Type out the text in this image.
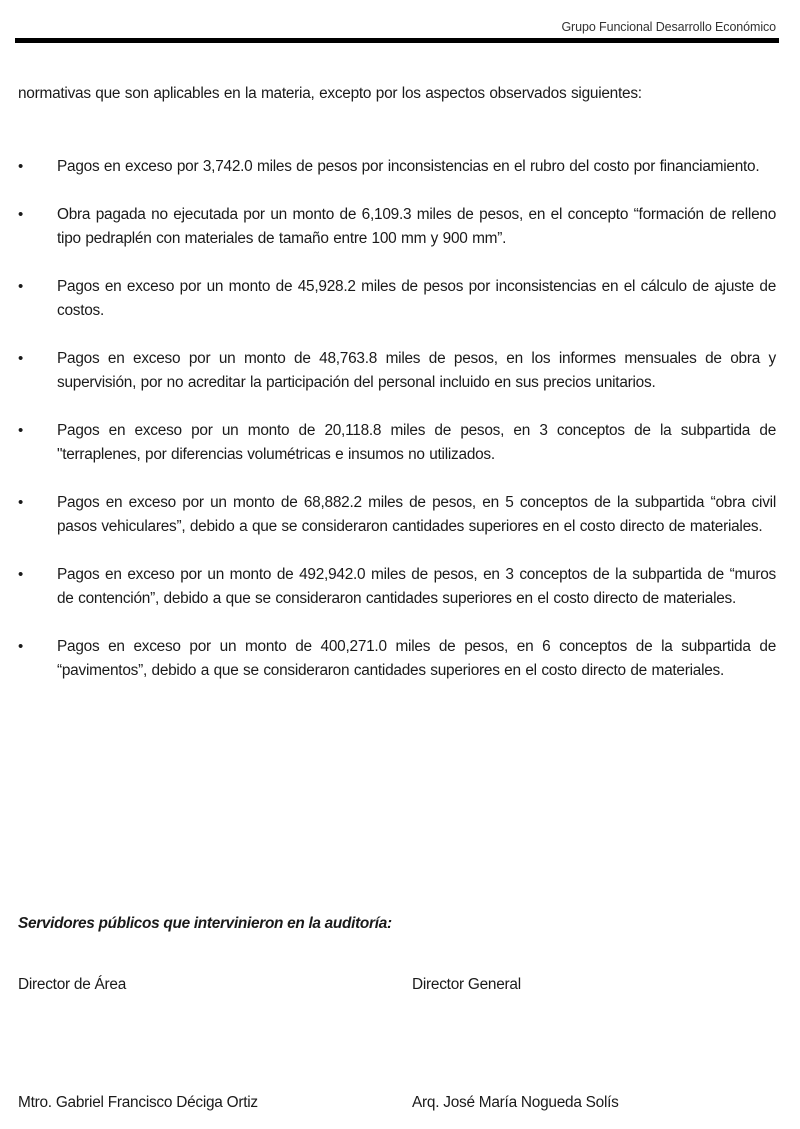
Grupo Funcional Desarrollo Económico

normativas que son aplicables en la materia, excepto por los aspectos observados siguientes:

•	Pagos en exceso por 3,742.0 miles de pesos por inconsistencias en el rubro del costo por financiamiento.
•	Obra pagada no ejecutada por un monto de 6,109.3 miles de pesos, en el concepto “formación de relleno tipo pedraplén con materiales de tamaño entre 100 mm y 900 mm”.
•	Pagos en exceso por un monto de 45,928.2 miles de pesos por inconsistencias en el cálculo de ajuste de costos.
•	Pagos en exceso por un monto de 48,763.8 miles de pesos, en los informes mensuales de obra y supervisión, por no acreditar la participación del personal incluido en sus precios unitarios.
•	Pagos en exceso por un monto de 20,118.8 miles de pesos, en 3 conceptos de la subpartida de "terraplenes, por diferencias volumétricas e insumos no utilizados.
•	Pagos en exceso por un monto de 68,882.2 miles de pesos, en 5 conceptos de la subpartida “obra civil pasos vehiculares”, debido a que se consideraron cantidades superiores en el costo directo de materiales.
•	Pagos en exceso por un monto de 492,942.0 miles de pesos, en 3 conceptos de la subpartida de “muros de contención”, debido a que se consideraron cantidades superiores en el costo directo de materiales.
•	Pagos en exceso por un monto de 400,271.0 miles de pesos, en 6 conceptos de la subpartida de “pavimentos”, debido a que se consideraron cantidades superiores en el costo directo de materiales.
Servidores públicos que intervinieron en la auditoría:
Director de Área	Director General
Mtro. Gabriel Francisco Déciga Ortiz	Arq. José María Nogueda Solís
